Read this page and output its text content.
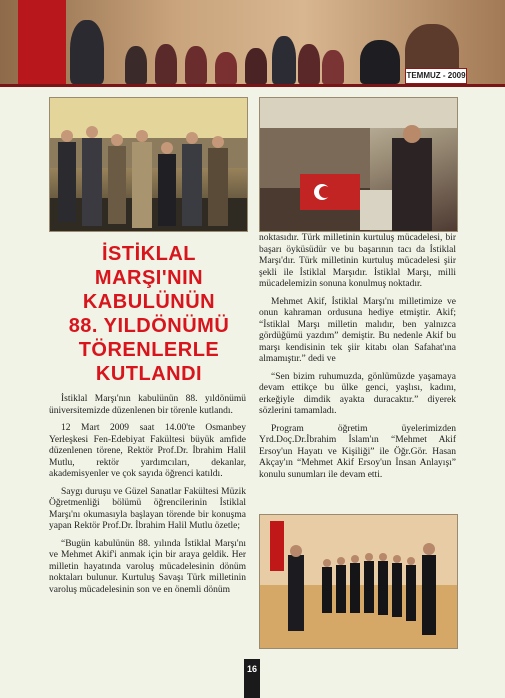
TEMMUZ - 2009
İSTİKLAL MARŞI'NIN
KABULÜNÜN
88. YILDÖNÜMÜ
TÖRENLERLE
KUTLANDI

İstiklal Marşı'nın kabulünün 88. yıldönümü üniversitemizde düzenlenen bir törenle kutlandı.

12 Mart 2009 saat 14.00'te Osmanbey Yerleşkesi Fen-Edebiyat Fakültesi büyük amfide düzenlenen törene, Rektör Prof.Dr. İbrahim Halil Mutlu, rektör yardımcıları, dekanlar, akademisyenler ve çok sayıda öğrenci katıldı.

Saygı duruşu ve Güzel Sanatlar Fakültesi Müzik Öğretmenliği bölümü öğrencilerinin İstiklal Marşı'nı okumasıyla başlayan törende bir konuşma yapan Rektör Prof.Dr. İbrahim Halil Mutlu özetle;

“Bugün kabulünün 88. yılında İstiklal Marşı'nı ve Mehmet Akif'i anmak için bir araya geldik. Her milletin hayatında varoluş mücadelesinin dönüm noktaları bulunur. Kurtuluş Savaşı Türk milletinin varoluş mücadelesinin son ve en önemli dönüm

noktasıdır. Türk milletinin kurtuluş mücadelesi, bir başarı öyküsüdür ve bu başarının tacı da İstiklal Marşı'dır. Türk milletinin kurtuluş mücadelesi şiir şekli ile İstiklal Marşıdır. İstiklal Marşı, milli mücadelemizin sonuna konulmuş noktadır.

Mehmet Akif, İstiklal Marşı'nı milletimize ve onun kahraman ordusuna hediye etmiştir. Akif; “İstiklal Marşı milletin malıdır, ben yalnızca gördüğümü yazdım” demiştir. Bu nedenle Akif bu marşı kendisinin tek şiir kitabı olan Safahat'ına almamıştır.” dedi ve

“Sen bizim ruhumuzda, gönlümüzde yaşamaya devam ettikçe bu ülke genci, yaşlısı, kadını, erkeğiyle dimdik ayakta duracaktır.” diyerek sözlerini tamamladı.

Program öğretim üyelerimizden Yrd.Doç.Dr.İbrahim İslam'ın “Mehmet Akif Ersoy'un Hayatı ve Kişiliği” ile Öğr.Gör. Hasan Akçay'ın “Mehmet Akif Ersoy'un İnsan Anlayışı” konulu sunumları ile devam etti.

16
